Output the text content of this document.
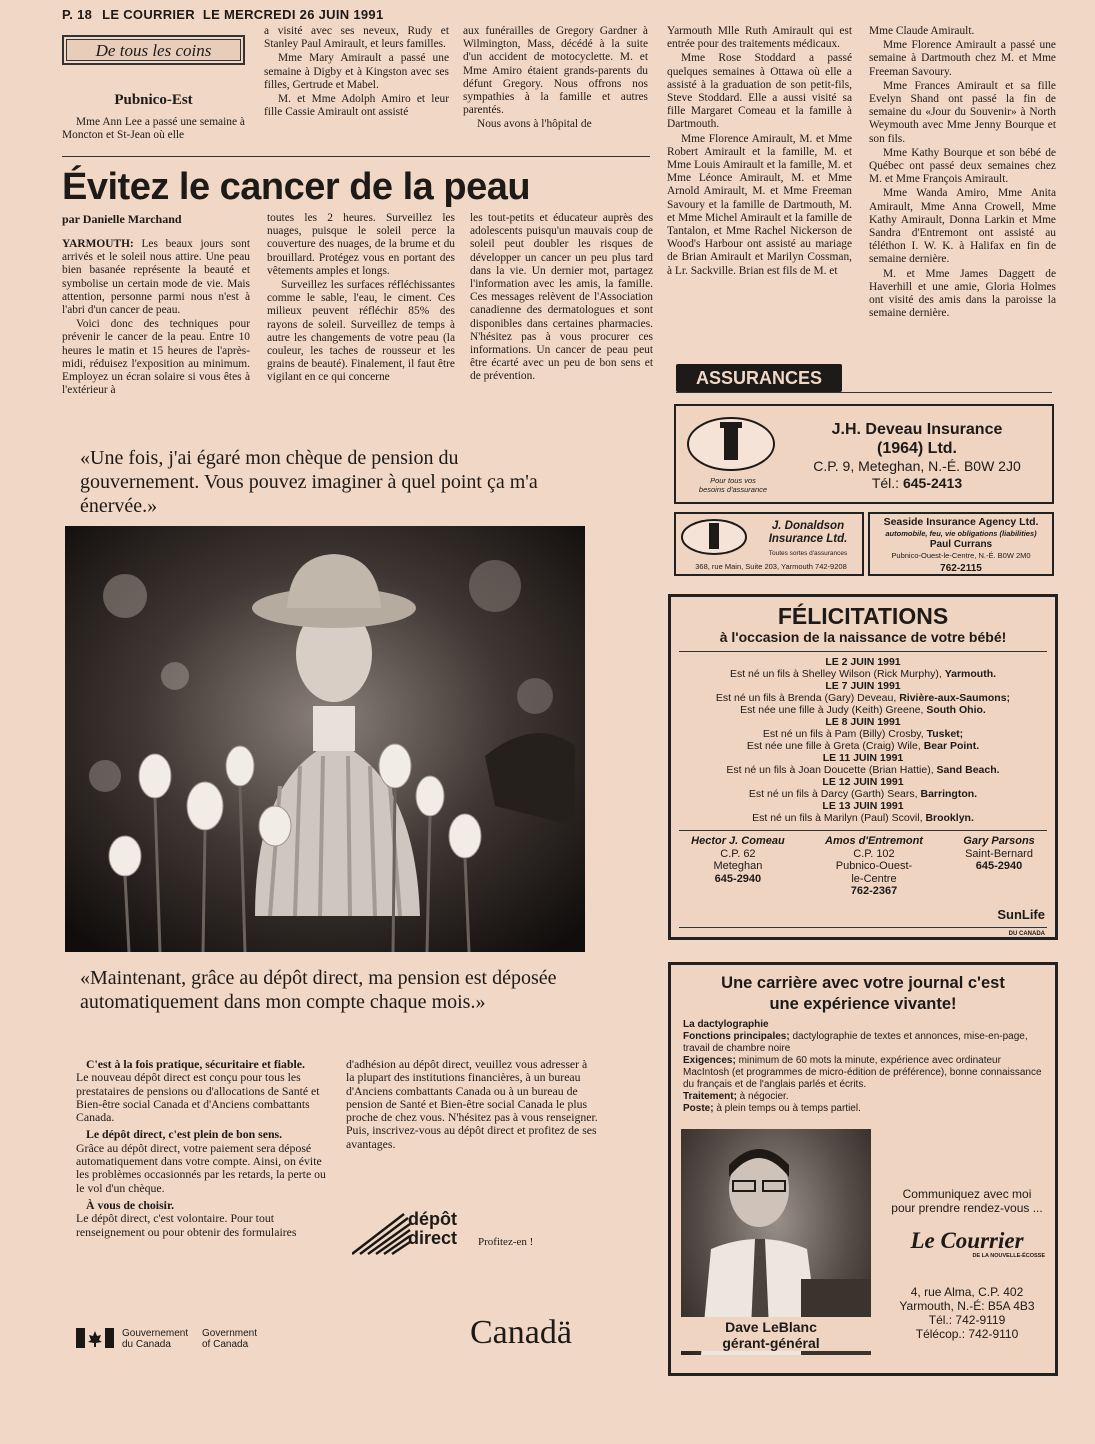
P. 18 LE COURRIER LE MERCREDI 26 JUIN 1991
De tous les coins
Pubnico-Est

Mme Ann Lee a passé une semaine à Moncton et St-Jean où elle

a visité avec ses neveux, Rudy et Stanley Paul Amirault, et leurs familles.

Mme Mary Amirault a passé une semaine à Digby et à Kingston avec ses filles, Gertrude et Mabel.

M. et Mme Adolph Amiro et leur fille Cassie Amirault ont assisté

aux funérailles de Gregory Gardner à Wilmington, Mass, décédé à la suite d'un accident de motocyclette. M. et Mme Amiro étaient grands-parents du défunt Gregory. Nous offrons nos sympathies à la famille et autres parentés.

Nous avons à l'hôpital de

Yarmouth Mlle Ruth Amirault qui est entrée pour des traitements médicaux.

Mme Rose Stoddard a passé quelques semaines à Ottawa où elle a assisté à la graduation de son petit-fils, Steve Stoddard. Elle a aussi visité sa fille Margaret Comeau et la famille à Dartmouth.

Mme Florence Amirault, M. et Mme Robert Amirault et la famille, M. et Mme Louis Amirault et la famille, M. et Mme Léonce Amirault, M. et Mme Arnold Amirault, M. et Mme Freeman Savoury et la famille de Dartmouth, M. et Mme Michel Amirault et la famille de Tantalon, et Mme Rachel Nickerson de Wood's Harbour ont assisté au mariage de Brian Amirault et Marilyn Cossman, à Lr. Sackville. Brian est fils de M. et

Mme Claude Amirault.

Mme Florence Amirault a passé une semaine à Dartmouth chez M. et Mme Freeman Savoury.

Mme Frances Amirault et sa fille Evelyn Shand ont passé la fin de semaine du «Jour du Souvenir» à North Weymouth avec Mme Jenny Bourque et son fils.

Mme Kathy Bourque et son bébé de Québec ont passé deux semaines chez M. et Mme François Amirault.

Mme Wanda Amiro, Mme Anita Amirault, Mme Anna Crowell, Mme Kathy Amirault, Donna Larkin et Mme Sandra d'Entremont ont assisté au téléthon I. W. K. à Halifax en fin de semaine dernière.

M. et Mme James Daggett de Haverhill et une amie, Gloria Holmes ont visité des amis dans la paroisse la semaine dernière.

Évitez le cancer de la peau
par Danielle Marchand

YARMOUTH: Les beaux jours sont arrivés et le soleil nous attire. Une peau bien basanée représente la beauté et symbolise un certain mode de vie. Mais attention, personne parmi nous n'est à l'abri d'un cancer de peau.

Voici donc des techniques pour prévenir le cancer de la peau. Entre 10 heures le matin et 15 heures de l'après-midi, réduisez l'exposition au minimum. Employez un écran solaire si vous êtes à l'extérieur à

toutes les 2 heures. Surveillez les nuages, puisque le soleil perce la couverture des nuages, de la brume et du brouillard. Protégez vous en portant des vêtements amples et longs.

Surveillez les surfaces réfléchissantes comme le sable, l'eau, le ciment. Ces milieux peuvent réfléchir 85% des rayons de soleil. Surveillez de temps à autre les changements de votre peau (la couleur, les taches de rousseur et les grains de beauté). Finalement, il faut être vigilant en ce qui concerne

les tout-petits et éducateur auprès des adolescents puisqu'un mauvais coup de soleil peut doubler les risques de développer un cancer un peu plus tard dans la vie. Un dernier mot, partagez l'information avec les amis, la famille. Ces messages relèvent de l'Association canadienne des dermatologues et sont disponibles dans certaines pharmacies. N'hésitez pas à vous procurer ces informations. Un cancer de peau peut être écarté avec un peu de bon sens et de prévention.

«Une fois, j'ai égaré mon chèque de pension du gouvernement. Vous pouvez imaginer à quel point ça m'a énervée.»
«Maintenant, grâce au dépôt direct, ma pension est déposée automatiquement dans mon compte chaque mois.»
C'est à la fois pratique, sécuritaire et fiable.
Le nouveau dépôt direct est conçu pour tous les prestataires de pensions ou d'allocations de Santé et Bien-être social Canada et d'Anciens combattants Canada.
Le dépôt direct, c'est plein de bon sens.
Grâce au dépôt direct, votre paiement sera déposé automatiquement dans votre compte. Ainsi, on évite les problèmes occasionnés par les retards, la perte ou le vol d'un chèque.
À vous de choisir.
Le dépôt direct, c'est volontaire. Pour tout renseignement ou pour obtenir des formulaires
d'adhésion au dépôt direct, veuillez vous adresser à la plupart des institutions financières, à un bureau d'Anciens combattants Canada ou à un bureau de pension de Santé et Bien-être social Canada le plus proche de chez vous. N'hésitez pas à vous renseigner. Puis, inscrivez-vous au dépôt direct et profitez de ses avantages.
dépôt
direct Profitez-en !
Gouvernement
du Canada
Government
of Canada	Canadä
ASSURANCES
Pour tous vos
besoins d'assurance
J.H. Deveau Insurance
(1964) Ltd.
C.P. 9, Meteghan, N.-É. B0W 2J0
Tél.: 645-2413
J. Donaldson
Insurance Ltd.
Toutes sortes d'assurances
368, rue Main, Suite 203, Yarmouth 742-9208
Seaside Insurance Agency Ltd.
automobile, feu, vie obligations (liabilities)
Paul Currans
Pubnico-Ouest-le-Centre, N.-É. B0W 2M0
762-2115
FÉLICITATIONS
à l'occasion de la naissance de votre bébé!
LE 2 JUIN 1991
Est né un fils à Shelley Wilson (Rick Murphy), Yarmouth.
LE 7 JUIN 1991
Est né un fils à Brenda (Gary) Deveau, Rivière-aux-Saumons;
Est née une fille à Judy (Keith) Greene, South Ohio.
LE 8 JUIN 1991
Est né un fils à Pam (Billy) Crosby, Tusket;
Est née une fille à Greta (Craig) Wile, Bear Point.
LE 11 JUIN 1991
Est né un fils à Joan Doucette (Brian Hattie), Sand Beach.
LE 12 JUIN 1991
Est né un fils à Darcy (Garth) Sears, Barrington.
LE 13 JUIN 1991
Est né un fils à Marilyn (Paul) Scovil, Brooklyn.
Hector J. Comeau
C.P. 62
Meteghan
645-2940
Amos d'Entremont
C.P. 102
Pubnico-Ouest-
le-Centre
762-2367
Gary Parsons
Saint-Bernard
645-2940
SunLife
DU CANADA
Une carrière avec votre journal c'est
une expérience vivante!
La dactylographie
Fonctions principales; dactylographie de textes et annonces, mise-en-page, travail de chambre noire
Exigences; minimum de 60 mots la minute, expérience avec ordinateur MacIntosh (et programmes de micro-édition de préférence), bonne connaissance du français et de l'anglais parlés et écrits.
Traitement; à négocier.
Poste; à plein temps ou à temps partiel.
Dave LeBlanc
gérant-général
Communiquez avec moi
pour prendre rendez-vous ...
Le Courrier
DE LA NOUVELLE-ÉCOSSE
4, rue Alma, C.P. 402
Yarmouth, N.-É: B5A 4B3
Tél.: 742-9119
Télécop.: 742-9110
